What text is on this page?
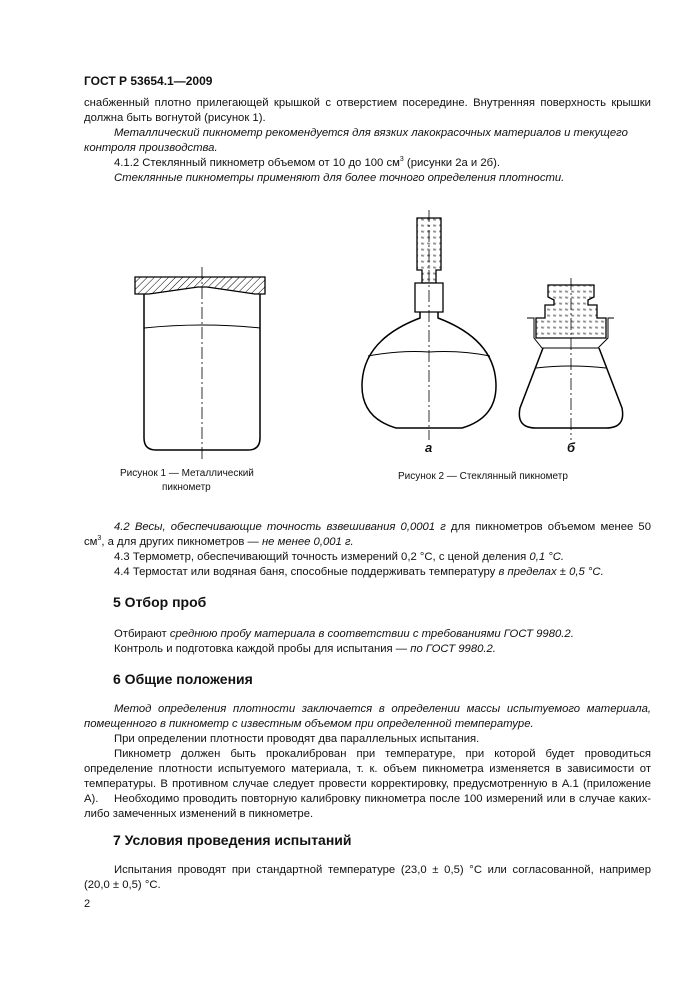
ГОСТ Р 53654.1—2009
снабженный плотно прилегающей крышкой с отверстием посередине. Внутренняя поверхность крышки должна быть вогнутой (рисунок 1).
Металлический пикнометр рекомендуется для вязких лакокрасочных материалов и текущего контроля производства.
4.1.2 Стеклянный пикнометр объемом от 10 до 100 $см^3$ (рисунки 2а и 2б).
Стеклянные пикнометры применяют для более точного определения плотности.
а	б
Рисунок 1 — Металлический
пикнометр
Рисунок 2 — Стеклянный пикнометр
4.2 Весы, обеспечивающие точность взвешивания 0,0001 г для пикнометров объемом менее 50 $см^3$, а для других пикнометров — не менее 0,001 г.
4.3 Термометр, обеспечивающий точность измерений 0,2 °С, с ценой деления 0,1 °С.
4.4 Термостат или водяная баня, способные поддерживать температуру в пределах ± 0,5 °С.
5 Отбор проб
Отбирают среднюю пробу материала в соответствии с требованиями ГОСТ 9980.2.
Контроль и подготовка каждой пробы для испытания — по ГОСТ 9980.2.
6 Общие положения
Метод определения плотности заключается в определении массы испытуемого материала, помещенного в пикнометр с известным объемом при определенной температуре.
При определении плотности проводят два параллельных испытания.
Пикнометр должен быть прокалиброван при температуре, при которой будет проводиться определение плотности испытуемого материала, т. к. объем пикнометра изменяется в зависимости от температуры. В противном случае следует провести корректировку, предусмотренную в А.1 (приложение А).	Необходимо проводить повторную калибровку пикнометра после 100 измерений или в случае каких-либо замеченных изменений в пикнометре.
7 Условия проведения испытаний
Испытания проводят при стандартной температуре (23,0 ± 0,5) °С или согласованной, например (20,0 ± 0,5) °С.
2
